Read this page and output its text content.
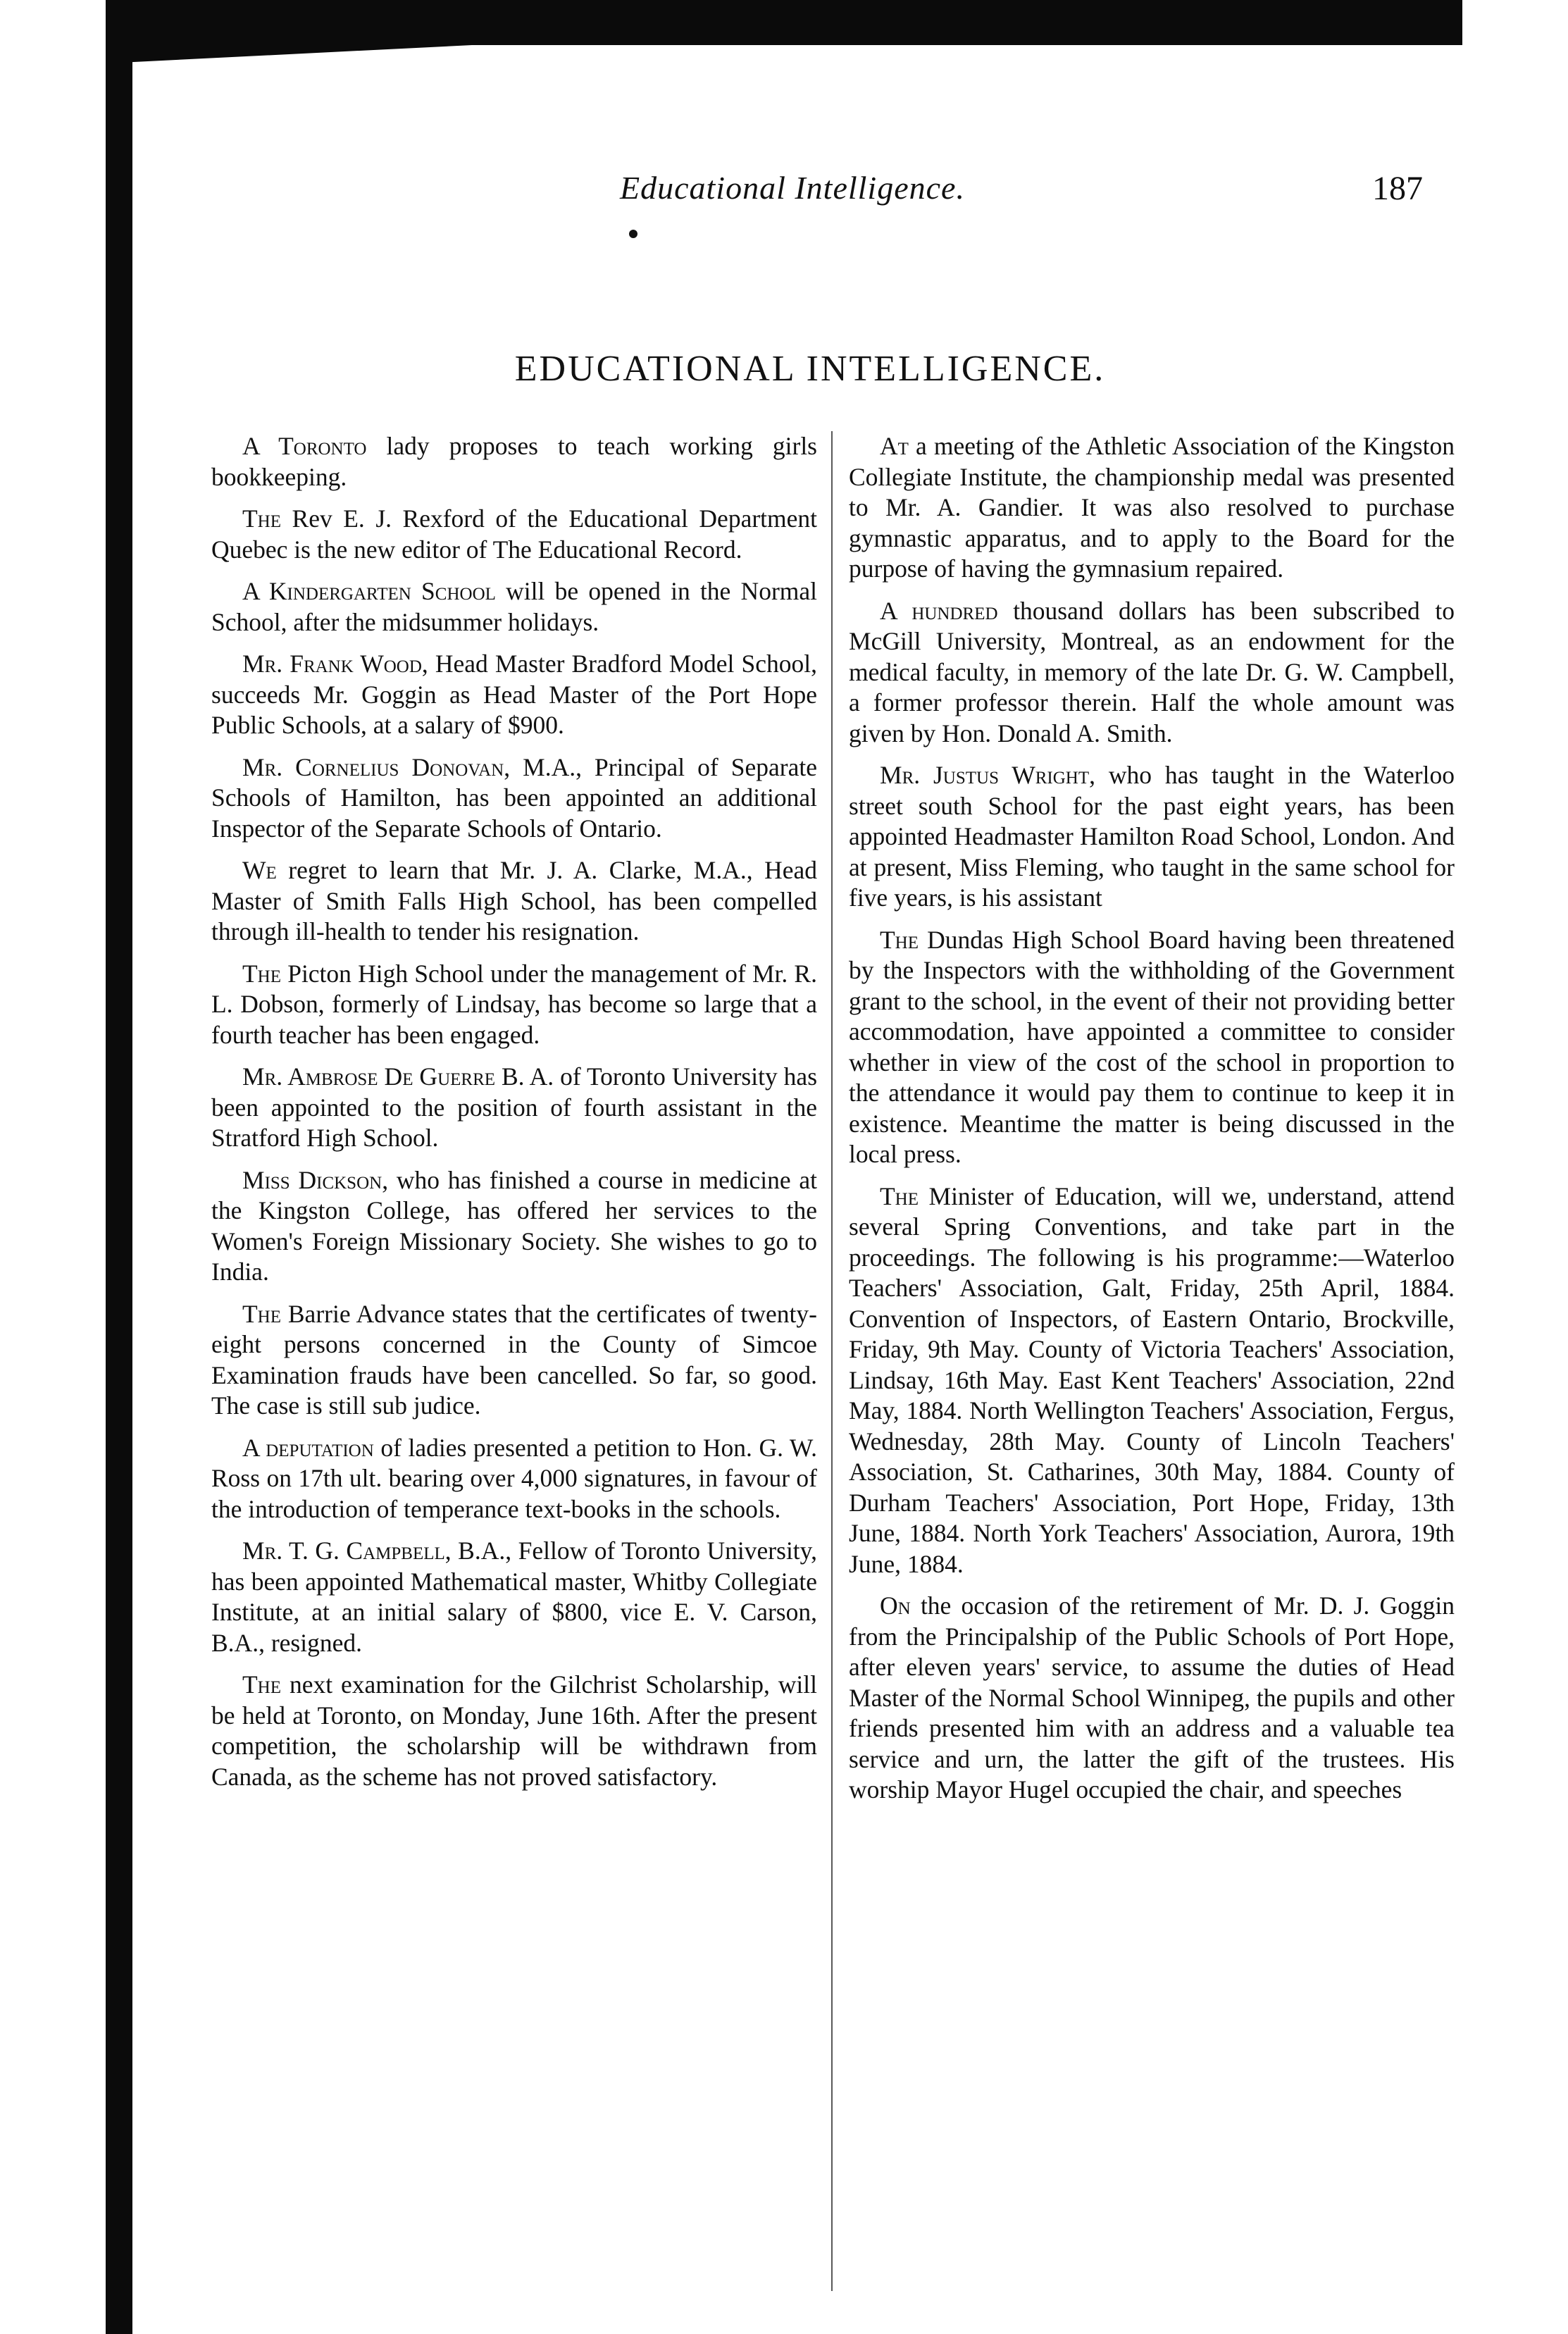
Educational Intelligence.	187
EDUCATIONAL INTELLIGENCE.

A Toronto lady proposes to teach working girls bookkeeping.

The Rev E. J. Rexford of the Educational Department Quebec is the new editor of The Educational Record.

A Kindergarten School will be opened in the Normal School, after the midsummer holidays.

Mr. Frank Wood, Head Master Bradford Model School, succeeds Mr. Goggin as Head Master of the Port Hope Public Schools, at a salary of $900.

Mr. Cornelius Donovan, M.A., Principal of Separate Schools of Hamilton, has been appointed an additional Inspector of the Separate Schools of Ontario.

We regret to learn that Mr. J. A. Clarke, M.A., Head Master of Smith Falls High School, has been compelled through ill-health to tender his resignation.

The Picton High School under the management of Mr. R. L. Dobson, formerly of Lindsay, has become so large that a fourth teacher has been engaged.

Mr. Ambrose De Guerre B. A. of Toronto University has been appointed to the position of fourth assistant in the Stratford High School.

Miss Dickson, who has finished a course in medicine at the Kingston College, has offered her services to the Women's Foreign Missionary Society. She wishes to go to India.

The Barrie Advance states that the certificates of twenty-eight persons concerned in the County of Simcoe Examination frauds have been cancelled. So far, so good. The case is still sub judice.

A deputation of ladies presented a petition to Hon. G. W. Ross on 17th ult. bearing over 4,000 signatures, in favour of the introduction of temperance text-books in the schools.

Mr. T. G. Campbell, B.A., Fellow of Toronto University, has been appointed Mathematical master, Whitby Collegiate Institute, at an initial salary of $800, vice E. V. Carson, B.A., resigned.

The next examination for the Gilchrist Scholarship, will be held at Toronto, on Monday, June 16th. After the present competition, the scholarship will be withdrawn from Canada, as the scheme has not proved satisfactory.

At a meeting of the Athletic Association of the Kingston Collegiate Institute, the championship medal was presented to Mr. A. Gandier. It was also resolved to purchase gymnastic apparatus, and to apply to the Board for the purpose of having the gymnasium repaired.

A hundred thousand dollars has been subscribed to McGill University, Montreal, as an endowment for the medical faculty, in memory of the late Dr. G. W. Campbell, a former professor therein. Half the whole amount was given by Hon. Donald A. Smith.

Mr. Justus Wright, who has taught in the Waterloo street south School for the past eight years, has been appointed Headmaster Hamilton Road School, London. And at present, Miss Fleming, who taught in the same school for five years, is his assistant

The Dundas High School Board having been threatened by the Inspectors with the withholding of the Government grant to the school, in the event of their not providing better accommodation, have appointed a committee to consider whether in view of the cost of the school in proportion to the attendance it would pay them to continue to keep it in existence. Meantime the matter is being discussed in the local press.

The Minister of Education, will we, understand, attend several Spring Conventions, and take part in the proceedings. The following is his programme:—Waterloo Teachers' Association, Galt, Friday, 25th April, 1884. Convention of Inspectors, of Eastern Ontario, Brockville, Friday, 9th May. County of Victoria Teachers' Association, Lindsay, 16th May. East Kent Teachers' Association, 22nd May, 1884. North Wellington Teachers' Association, Fergus, Wednesday, 28th May. County of Lincoln Teachers' Association, St. Catharines, 30th May, 1884. County of Durham Teachers' Association, Port Hope, Friday, 13th June, 1884. North York Teachers' Association, Aurora, 19th June, 1884.

On the occasion of the retirement of Mr. D. J. Goggin from the Principalship of the Public Schools of Port Hope, after eleven years' service, to assume the duties of Head Master of the Normal School Winnipeg, the pupils and other friends presented him with an address and a valuable tea service and urn, the latter the gift of the trustees. His worship Mayor Hugel occupied the chair, and speeches
